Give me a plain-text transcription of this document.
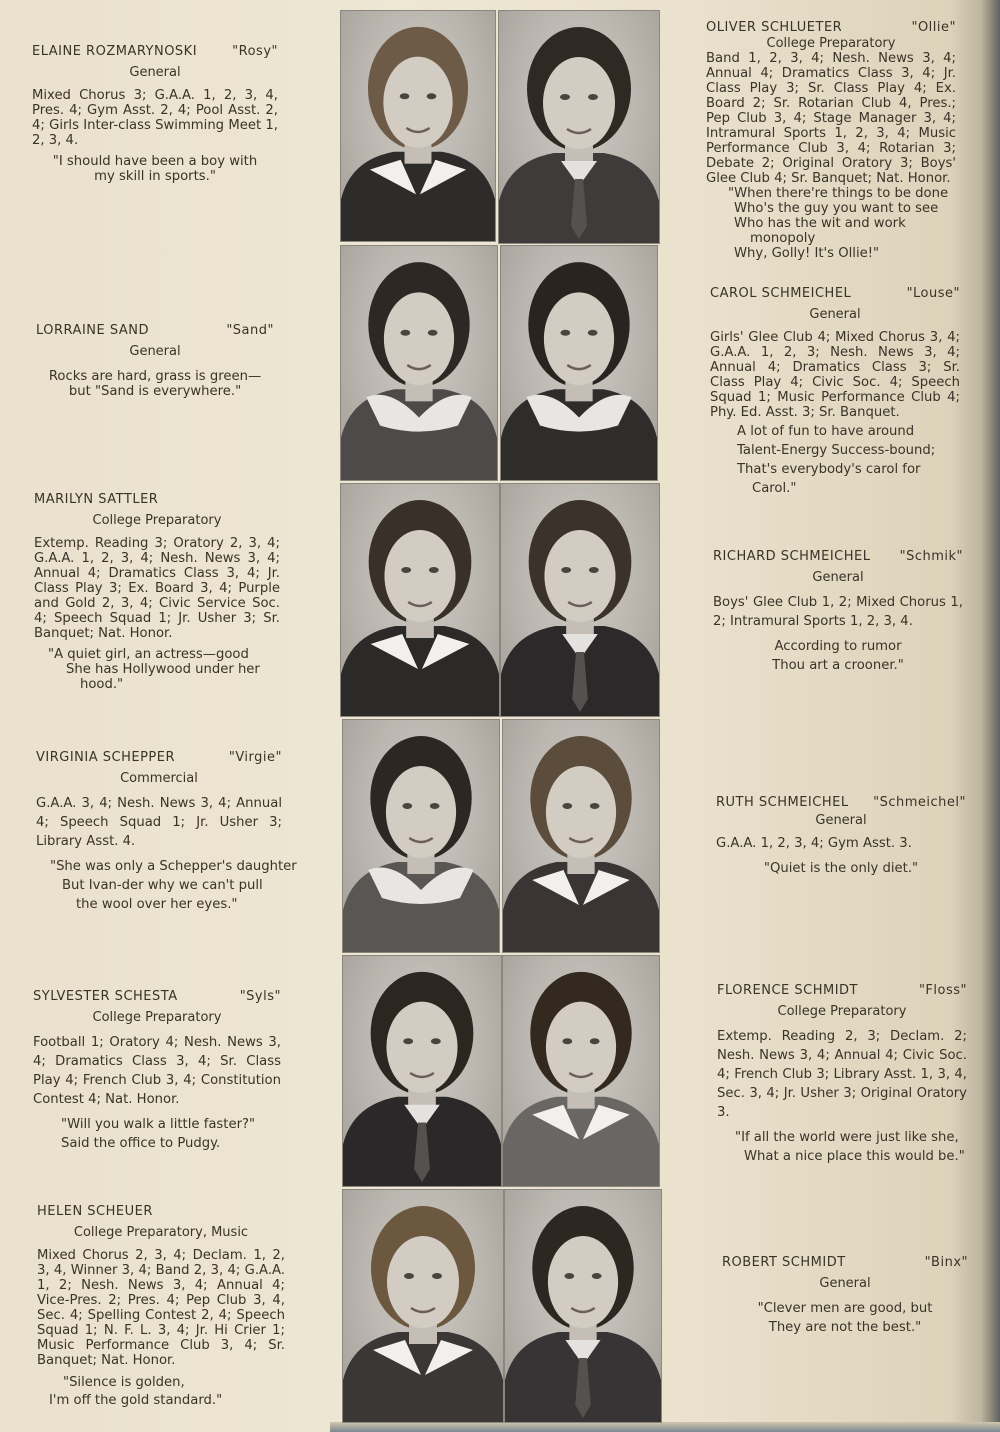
ELAINE ROZMARYNOSKI	"Rosy"
General

Mixed Chorus 3; G.A.A. 1, 2, 3, 4, Pres. 4; Gym Asst. 2, 4; Pool Asst. 2, 4; Girls Inter-class Swimming Meet 1, 2, 3, 4.

"I should have been a boy with
my skill in sports."
LORRAINE SAND	"Sand"
General
Rocks are hard, grass is green—
but "Sand is everywhere."
MARILYN SATTLER
College Preparatory

Extemp. Reading 3; Oratory 2, 3, 4; G.A.A. 1, 2, 3, 4; Nesh. News 3, 4; Annual 4; Dramatics Class 3, 4; Jr. Class Play 3; Ex. Board 3, 4; Purple and Gold 2, 3, 4; Civic Service Soc. 4; Speech Squad 1; Jr. Usher 3; Sr. Banquet; Nat. Honor.

"A quiet girl, an actress—good
She has Hollywood under her
hood."
VIRGINIA SCHEPPER	"Virgie"
Commercial

G.A.A. 3, 4; Nesh. News 3, 4; Annual 4; Speech Squad 1; Jr. Usher 3; Library Asst. 4.

"She was only a Schepper's daughter
But Ivan-der why we can't pull
the wool over her eyes."
SYLVESTER SCHESTA	"Syls"
College Preparatory

Football 1; Oratory 4; Nesh. News 3, 4; Dramatics Class 3, 4; Sr. Class Play 4; French Club 3, 4; Constitution Contest 4; Nat. Honor.

"Will you walk a little faster?"
Said the office to Pudgy.
HELEN SCHEUER
College Preparatory, Music

Mixed Chorus 2, 3, 4; Declam. 1, 2, 3, 4, Winner 3, 4; Band 2, 3, 4; G.A.A. 1, 2; Nesh. News 3, 4; Annual 4; Vice-Pres. 2; Pres. 4; Pep Club 3, 4, Sec. 4; Spelling Contest 2, 4; Speech Squad 1; N. F. L. 3, 4; Jr. Hi Crier 1; Music Performance Club 3, 4; Sr. Banquet; Nat. Honor.

"Silence is golden,
I'm off the gold standard."
OLIVER SCHLUETER	"Ollie"
College Preparatory

Band 1, 2, 3, 4; Nesh. News 3, 4; Annual 4; Dramatics Class 3, 4; Jr. Class Play 3; Sr. Class Play 4; Ex. Board 2; Sr. Rotarian Club 4, Pres.; Pep Club 3, 4; Stage Manager 3, 4; Intramural Sports 1, 2, 3, 4; Music Performance Club 3, 4; Rotarian 3; Debate 2; Original Oratory 3; Boys' Glee Club 4; Sr. Banquet; Nat. Honor.

"When there're things to be done
Who's the guy you want to see
Who has the wit and work
monopoly
Why, Golly! It's Ollie!"
CAROL SCHMEICHEL	"Louse"
General

Girls' Glee Club 4; Mixed Chorus 3, 4; G.A.A. 1, 2, 3; Nesh. News 3, 4; Annual 4; Dramatics Class 3; Sr. Class Play 4; Civic Soc. 4; Speech Squad 1; Music Performance Club 4; Phy. Ed. Asst. 3; Sr. Banquet.

A lot of fun to have around
Talent-Energy Success-bound;
That's everybody's carol for
Carol."
RICHARD SCHMEICHEL "Schmik"
General

Boys' Glee Club 1, 2; Mixed Chorus 1, 2; Intramural Sports 1, 2, 3, 4.

According to rumor
Thou art a crooner."
RUTH SCHMEICHEL "Schmeichel"
General

G.A.A. 1, 2, 3, 4; Gym Asst. 3.

"Quiet is the only diet."
FLORENCE SCHMIDT	"Floss"
College Preparatory

Extemp. Reading 2, 3; Declam. 2; Nesh. News 3, 4; Annual 4; Civic Soc. 4; French Club 3; Library Asst. 1, 3, 4, Sec. 3, 4; Jr. Usher 3; Original Oratory 3.

"If all the world were just like she,
What a nice place this would be."
ROBERT SCHMIDT	"Binx"
General
"Clever men are good, but
They are not the best."
